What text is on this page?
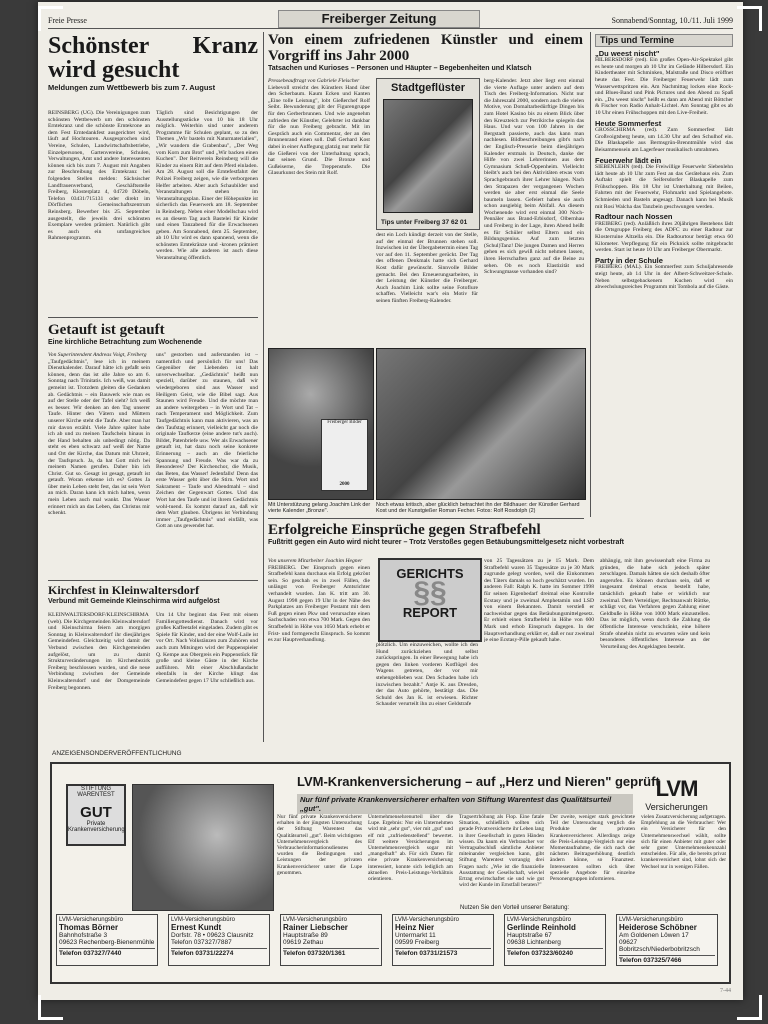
Freie Presse	Freiberger Zeitung	Sonnabend/Sonntag, 10./11. Juli 1999
Schönster Kranz wird gesucht
Meldungen zum Wettbewerb bis zum 7. August
REINSBERG (UG). Die Vereinigungen zum schönsten Wettbewerb um den schönsten Erntekranz und die schönste Erntekrone an dem Fest Erntedankfest ausgerichtet wird, läuft auf Hochtouren. Ausgesprochen sind Vereine, Schulen, Landwirtschaftsbetriebe, Einzelpersonen, Gartenvereine, Schulen, Verwaltungen, Amt und andere Interessenten können sich bis zum 7. August mit Angaben zur Beschreibung des Erntekranz bei folgenden Stellen melden: Sächsischer Landfrauenverband, Geschäftsstelle Freiberg, Klosterplatz 4, 04720 Döbeln, Telefon 03431/715131 oder direkt im Dörflichen Gemeinschaftszentrum Reinsberg. Bewerber bis 25. September ausgestellt, die jeweils drei schönsten Exemplare werden prämiert. Natürlich gibt es auch ein umfangreiches Rahmenprogramm.
Täglich sind Besichtigungen der Ausstellungsstücke von 10 bis 18 Uhr möglich. Weiterhin sind unter anderem Programme für Schulen geplant, so zu den Themen „Wir basteln mit Naturmaterialien", „Wir wandern die Grabenbau", „Der Weg vom Korn zum Brot" und „Wir backen einen Kuchen". Der Reitverein Reinsberg will die Kinder zu einem Ritt auf dem Pferd einladen. Am 28. August soll die Erntefestfahrt der Polizei Freiberg zeigen, wie die verborgenen Helfer arbeiten. Aber auch Schaubilder und Veranstaltungen stehen im Veranstaltungsplan. Einer der Höhepunkte ist sicherlich das Feuerwerk am 18. September in Reinsberg. Neben einer Modellschau wird es an diesem Tag auch Bastelei für Kinder und einen Tanzabend für die Erwachsenen geben. Am Sonnabend, dem 25. September, ab 10 Uhr wird es dann spannend, wenn die schönsten Erntekränze und -kronen prämiert werden. Wie alle anderen ist auch diese Veranstaltung öffentlich.
Getauft ist getauft
Eine kirchliche Betrachtung zum Wochenende
Von Superintendent Andreas Voigt, Freiberg
„Taufgedächtnis", lese ich in meinem Dienstkalender. Darauf hätte ich gefaßt sein können, denn das ist alle Jahre so am 6. Sonntag nach Trinitatis. Ich weiß, was damit gemeint ist. Trotzdem gleiten die Gedanken ab. Gedächtnis – ein Bauwerk wie man es auf der Stelle oder der Tafel sieht? Ich weiß es besser. Wir denken an den Tag unserer Taufe. Hinter den Vätern und Müttern unserer Kirche steht die Taufe. Aber man hat mir davon erzählt. Viele Jahre später habe ich ab und zu meinen Taufschein hinaus in der Hand behalten als unbedingt nötig. Da steht es eben schwarz auf weiß der Name und Ort der Kirche, das Datum mit Uhrzeit, der Taufspruch. Ja, da hat Gott mich bei meinem Namen gerufen. Daher bin ich Christ. Gut so. Gesagt ist gesagt, getauft ist getauft. Woran erkenne ich es? Gottes Ja über mein Leben steht fest, das ist sein Wort an mich. Daran kann ich mich halten, wenn mein Leben auch mal wankt. Das Wasser erinnert mich an das Leben, das Christus mir schenkt.
uns" gestorben und auferstanden ist – namentlich und persönlich für uns! Das Gegenüber der Liebenden ist halt unverwechselbar. „Gedächtnis" heißt nun speziell, darüber zu staunen, daß wir wiedergeboren sind aus Wasser und Heiligem Geist, wie die Bibel sagt. Aus Staunen wird Freude. Und die möchte man an andere weitergeben – in Wort und Tat – nach Temperament und Möglichkeit. Zum Taufgedächtnis kann man aktivieren, was an den Taufstag erinnert, vielleicht gar noch die originale Taufkerze (eine andere tut's auch). Bildet, Patenbriefe usw. Wer als Erwachsener getauft ist, hat dazu noch seine konkrete Erinnerung – auch an die feierliche Spannung und Freude. Was war da zu Besonderes? Der Kirchenchor, die Musik, das Beten, das Wasser! Jedenfalls! Denn das erste Wasser geht über die Stirn. Wort und Sakrament – Taufe und Abendmahl – sind Zeichen der Gegenwart Gottes. Und das Wort hat den Taufe und ist ihrem Gedächtnis wohl-tuend. Es kommt darauf an, daß wir dem Wort glauben. Übrigens ist Verbindung immer „Taufgedächtnis" und einfällt, was Gott an uns gewendet hat.
Kirchfest in Kleinwaltersdorf
Verbund mit Gemeinde Kleinschirma wird aufgelöst
KLEINWALTERSDORF/KLEINSCHIRMA (web). Die Kirchgemeinden Kleinwaltersdorf und Kleinschirma feiern am morgigen Sonntag in Kleinwaltersdorf ihr diesjähriges Gemeindefest. Gleichzeitig wird damit der Verbund zwischen den Kirchgemeinden aufgelöst, um zu damit Strukturveränderungen im Kirchenbezirk Freiberg beschlossen wurden, und die neue Verbindung zwischen der Gemeinde Kleinwaltersdorf und der Domgemeinde Freiberg begonnen.
Um 14 Uhr beginnt das Fest mit einem Familiengottesdienst. Danach wird vor großes Kaffeetafel eingeladen. Zudem gibt es Spiele für Kinder, und der eine Wolf-Laile ist vor Ort. Nach Volkstänzen zum Zuhören und auch zum Mitsingen wird der Puppenspieler Q. Kempe aus Obergreis ein Puppenstück für große und kleine Gäste in der Kirche aufführen. Mit einer Abschlußandacht ebenfalls in der Kirche klingt das Gemeindefest gegen 17 Uhr schließlich aus.
Von einem zufriedenen Künstler und einem Vorgriff ins Jahr 2000
Tatsachen und Kurioses – Personen und Häupter – Begebenheiten und Klatsch
Pressebeauftragt von Gabriele Fleischer
Liebevoll streicht des Künstlers Hand über den Scherbaum. Kaum Ecken und Kanten „Eine tolle Leistung", lobt Gießerchef Rolf Seibt. Bewunderung gilt der Figurengruppe für den Gerberbrunnen. Und wie angenehm zufrieden der Künstler, Gelehrter ist dankbar für die nun Freiberg gebracht. Mit im Gespräch auch ein Commentar, der an den Brunnenrand einen soll. Daß Gerhard Kost dabei in einer Auffegung glatzig nur mehr für die Gießerei von der Unterhaltung sprach, hat seinen Grund. Die Bronze und Gußeiserne, die Treppenstufe. Die Glasurkunst des Stein mit Rolf.
dest ein Loch kündigt derzeit von der Stelle, auf der einmal der Brunnen stehen soll. Inzwischen ist der Übergabetermin einen Tag vor auf den 11. September gerückt. Der Tag des offenen Denkmals hatte sich Gerhard Kost dafür gewünscht. Sinnvolle Bilder gemacht. Bei den Erneuerungsarbeiten, in der Leistung der Künstler die Freiberger. Auch Joachim Link sollte seine Fotoflure schaffen. Vielleicht war's ein Motiv für seinen fünften Freiberg-Kalender.
berg-Kalender. Jetzt aber liegt erst einmal die vierte Auflage unter andern auf dem Tisch des Freiberg-Information. Nicht nur die Jahreszahl 2000, sondern auch die vielen Motive, von Domaltarbedürftige Dingen bis zum Hotel Kasino bis zu einem Blick über den Kreuzteich zur Petrikirche spiegeln das Haus. Und war von 100 Jahren in der Bergstadt passierte, auch das kann man nachlesen. Bildbeschreibungen gibt's nach der Englisch-Presserie beim diesjährigen Kalender erstmals in Deutsch, danke der Hilfe von zwei Lehrerinnen aus dem Gymnasium Schuß-Oppenheim. Vielleicht bleibt's auch bei den Aktivitäten etwas vom Sprachgebrauch ihrer Lehrer hängen. Nach den Strapazen der vergangenen Wochen werden sie aber erst einmal die Seele baumeln lassen. Gefeiert haben sie auch schon ausgiebig beim Abifall. An diesem Wochenende wird erst einmal 300 Noch-Pennäler aus Brand-Erbisdorf, Olbernhau und Freiberg in der Lage, ihren Abend heißt es für Schüler selbst Eltern und ein Bildungsgenius. Auf zum letzten (Schul)Tanz! Die jungen Damen und Herren gehen es sich gewiß nicht nehmen lassen, ihren Herrschaften ganz auf die Beine zu sehen. Ob es noch Elastizität und Schwungmasse vorhanden sind?
Stadtgeflüster
Tips unter Freiberg 37 62 01
Freiberger Bilder
2000
Mit Unterstützung gelang Joachim Link der vierte Kalender „Bronze".
Noch etwas kritisch, aber glücklich betrachtet ihn der Bildhauer: der Künstler Gerhard Kost und der Kunstgießer Roman Fecher. Fotos: Rolf Rosdolph (2)
Erfolgreiche Einsprüche gegen Strafbefehl
Fußtritt gegen ein Auto wird nicht teurer – Trotz Verstoßes gegen Betäubungsmittelgesetz nicht vorbestraft
Von unserem Mitarbeiter Joachim Hegner
FREIBERG. Der Einspruch gegen einen Strafbefehl kann durchaus ein Erfolg gekrönt sein. So geschah es in zwei Fällen, die unlängst von Freiberger Amtsrichter verhandelt wurden. Jan K. tritt am 30. August 1998 gegen 19 Uhr in der Nähe des Parkplatzes am Freiberger Postamt mit dem Fuß gegen einen Pkw und verursachte einen Sachschaden von etwa 700 Mark. Gegen den Strafbefehl in Höhe von 1050 Mark erhebt er Frist- und formgerecht Einspruch. So kommt es zur Hauptverhandlung.
GERICHTS
§§
REPORT
plötzlich. Um einzuweichen, wollte ich den Hund zurückziehen und selbst zurückspringen. In einer Bewegung habe ich gegen den linken vorderen Kotflügel des Wagens getreten, der vor mir stehengeblieben war. Den Schaden habe ich inzwischen bezahlt." Antje K. aus Dresden, der das Auto gehörte, bestätigt das. Die Schuld des Jan K. ist erwiesen. Richter Schauder verurteilt ihn zu einer Geldstrafe
von 25 Tagessätzen zu je 15 Mark. Dem Strafbefehl waren 35 Tagessätze zu je 30 Mark zugrunde gelegt worden, weil die Einkommen des Täters damals so hoch geschätzt wurden. Im anderen Fall: Ralph K. hatte im Sommer 1998 für seinen Eigenbedarf dreimal eine Kontrolle Ecstasy und je zweimal Amphetamin und LSD von einem Bekannten. Damit verstieß er nachweisbar gegen das Betäubungsmittelgesetz. Er erhielt einen Strafbefehl in Höhe von 600 Mark und erhob Einspruch dagegen. In der Hauptverhandlung erklärt er, daß er nur zweimal je eine Ecstasy-Pille gekauft habe.
abhängig, mit ihm gewissenhaft eine Firma zu gründen, die habe sich jedoch später zerschlagen. Damals hätten sie sich deshalb öfter angerufen. Es können durchaus sein, daß er insgesamt dreimal etwas bestellt habe, tatsächlich gekauft habe er wirklich nur zweimal. Dem Verteidiger, Rechtsanwalt Rüttke, schlägt vor, das Verfahren gegen Zahlung einer Geldbuße in Höhe von 1000 Mark einzustellen. Das ist möglich, wenn durch die Zahlung die öffentliche Interesse verschränkt, eine höhere Strafe ohnehin nicht zu erwarten wäre und kein besonderes öffentliches Interesse an der Verurteilung des Angeklagten besteht.
Tips und Termine
„Du weest nischt"
HILBERSDORF (red). Ein großes Open-Air-Spektakel gibt es heute und morgen ab 10 Uhr im Gelände Hilbersdorf. Ein Kindertheater mit Schminken, Malstraße und Disco eröffnet heute das Fest. Die Freiberger Feuerwehr lädt zum Wasserwettspritzen ein. Am Nachmittag locken eine Rock- und Blues-Band und Pink Pictures und den Abend zu Spaß ein. „Du weest nischt" heißt es dann am Abend mit Böttcher & Fischer von Radio Anhalt-Lichtel. Am Sonntag gibt es ab 10 Uhr einen Frühschoppen mit den Live-Freiheit.
Heute Sommerfest
GROSSCHIRMA (red). Zum Sommerfest lädt Großvoigtsberg heute, um 14.30 Uhr auf den Schulhof ein. Die Blaskapelle aus Bermsgrün-Brenntmühle wird das Beisammensein am Lagerfeuer musikalisch umrahmen.
Feuerwehr lädt ein
SIEBENLEHN (red). Die Freiwillige Feuerwehr Siebenlehn lädt heute ab 10 Uhr zum Fest an das Gerätehaus ein. Zum Auftakt spielt die Seifersdorfer Blaskapelle zum Frühschoppen. Bis 18 Uhr ist Unterhaltung mit Beilen, Fahrten mit der Feuerwehr, Flohmarkt und Spielangebote. Schmieden und Basteln angesagt. Danach kann bei Musik mit Rosi Walcha das Tanzbein geschwungen werden.
Radtour nach Nossen
FREIBERG (red). Anläßlich ihres 20jährigen Bestehens lädt die Ortsgruppe Freiberg des ADFC zu einer Radtour zur Klosterruine Altzella ein. Die Radtourtour beträgt etwa 60 Kilometer. Verpflegung für ein Picknick sollte mitgebracht werden. Start ist heute 10 Uhr am Freiberger Obermarkt.
Party in der Schule
FREIBERG (MAL). Ein Sommerfest zum Schuljahresende steigt heute, ab 14 Uhr in der Albert-Schweitzer-Schule. Neben selbstgebackenem Kuchen wird ein abwechslungsreiches Programm mit Tombola auf die Gäste.
ANZEIGENSONDERVERÖFFENTLICHUNG
STIFTUNG WARENTEST
GUT
Private Krankenversicherung
LVM-Krankenversicherung – auf „Herz und Nieren" geprüft
Nur fünf private Krankenversicherer erhalten von Stiftung Warentest das Qualitätsurteil „gut".
LVM
Versicherungen
Nur fünf private Krankenversicherer erhalten in der jüngsten Untersuchung der Stiftung Warentest das Qualitätsurteil „gut". Beim wichtigsten Unternehmensvergleich des Verbraucherinformationsdienstes wurden die Bedingungen und Leistungen der privaten Krankenversicherer unter die Lupe genommen.
Unternehmensehrenurteil über die Lupe. Ergebnis: Nur ein Unternehmen wird mit „sehr gut", vier mit „gut" und elf mit „zufriedenstellend" bewertet. Elf weitere Versicherungen im Unternehmensvergleich sogar mit „mangelhaft" ab. Für sich Daten für eine private Krankenversicherung interessiert, konnte sich lediglich am aktuellen Preis-Leistungs-Verhältnis orientieren.
Tragsertrhöhung als Flop. Eine fatale Situation, schließlich sollten sich gerade Privatversicherte ihr Leben lang in ihrer Gesellschaft in guten Händen wissen. Da kaum ein Verbraucher vor Vertragsabschluß sämtliche Anbieter miteinander vergleichen kann, gibt Stiftung Warentest vorrangig drei Fragen nach: „Wie ist die finanzielle Ausstattung der Gesellschaft, wieviel Ertrag erwirtschaftet sie und wie gut wird der Kunde im Ernstfall beraten?"
Der zweite, weniger stark gewichtete Teil der Untersuchung verglich die Produkte der privaten Krankenversicherer. Allerdings zeige die Preis-Leistungs-Vergleich nur eine Momentaufnahme, die sich nach der nächsten Beitragserhöhung deutlich ändern könne, so Finanztest. Interessenten sollten sich über spezielle Angebote für einzelne Personengruppen informieren.
vielen Zusatzversicherung aufgetragen. Empfehlung an die Verbraucher: Wer ein Versicherer für den Unternehmenswechsel wählt, sollte sich für einen Anbieter mit guter oder sehr guter Unternehmenskennzahl entscheiden. Für alle, die bereits privat krankenversichert sind, lohnt sich der Wechsel nur in wenigen Fällen.
Nutzen Sie den Vorteil unserer Beratung:
LVM-Versicherungsbüro
Thomas Börner
Bahnhofstraße 3
09623 Rechenberg-Bienenmühle
Telefon 037327/7440
LVM-Versicherungsbüro
Ernest Kundt
Dorfstr. 78 • 09623 Clausnitz
Telefon 037327/7887
Telefon 03731/22274
LVM-Versicherungsbüro
Rainer Liebscher
Hauptstraße 89
09619 Zethau
Telefon 037320/1361
LVM-Versicherungsbüro
Heinz Nier
Untermarkt 11
09599 Freiberg
Telefon 03731/21573
LVM-Versicherungsbüro
Gerlinde Reinhold
Hauptstraße 67
09638 Lichtenberg
Telefon 037323/60240
LVM-Versicherungsbüro
Heiderose Schöbner
Am Goldenen Löwen 17
09627 Bobritzsch/Niederbobritzsch
Telefon 037325/7466
7-44
